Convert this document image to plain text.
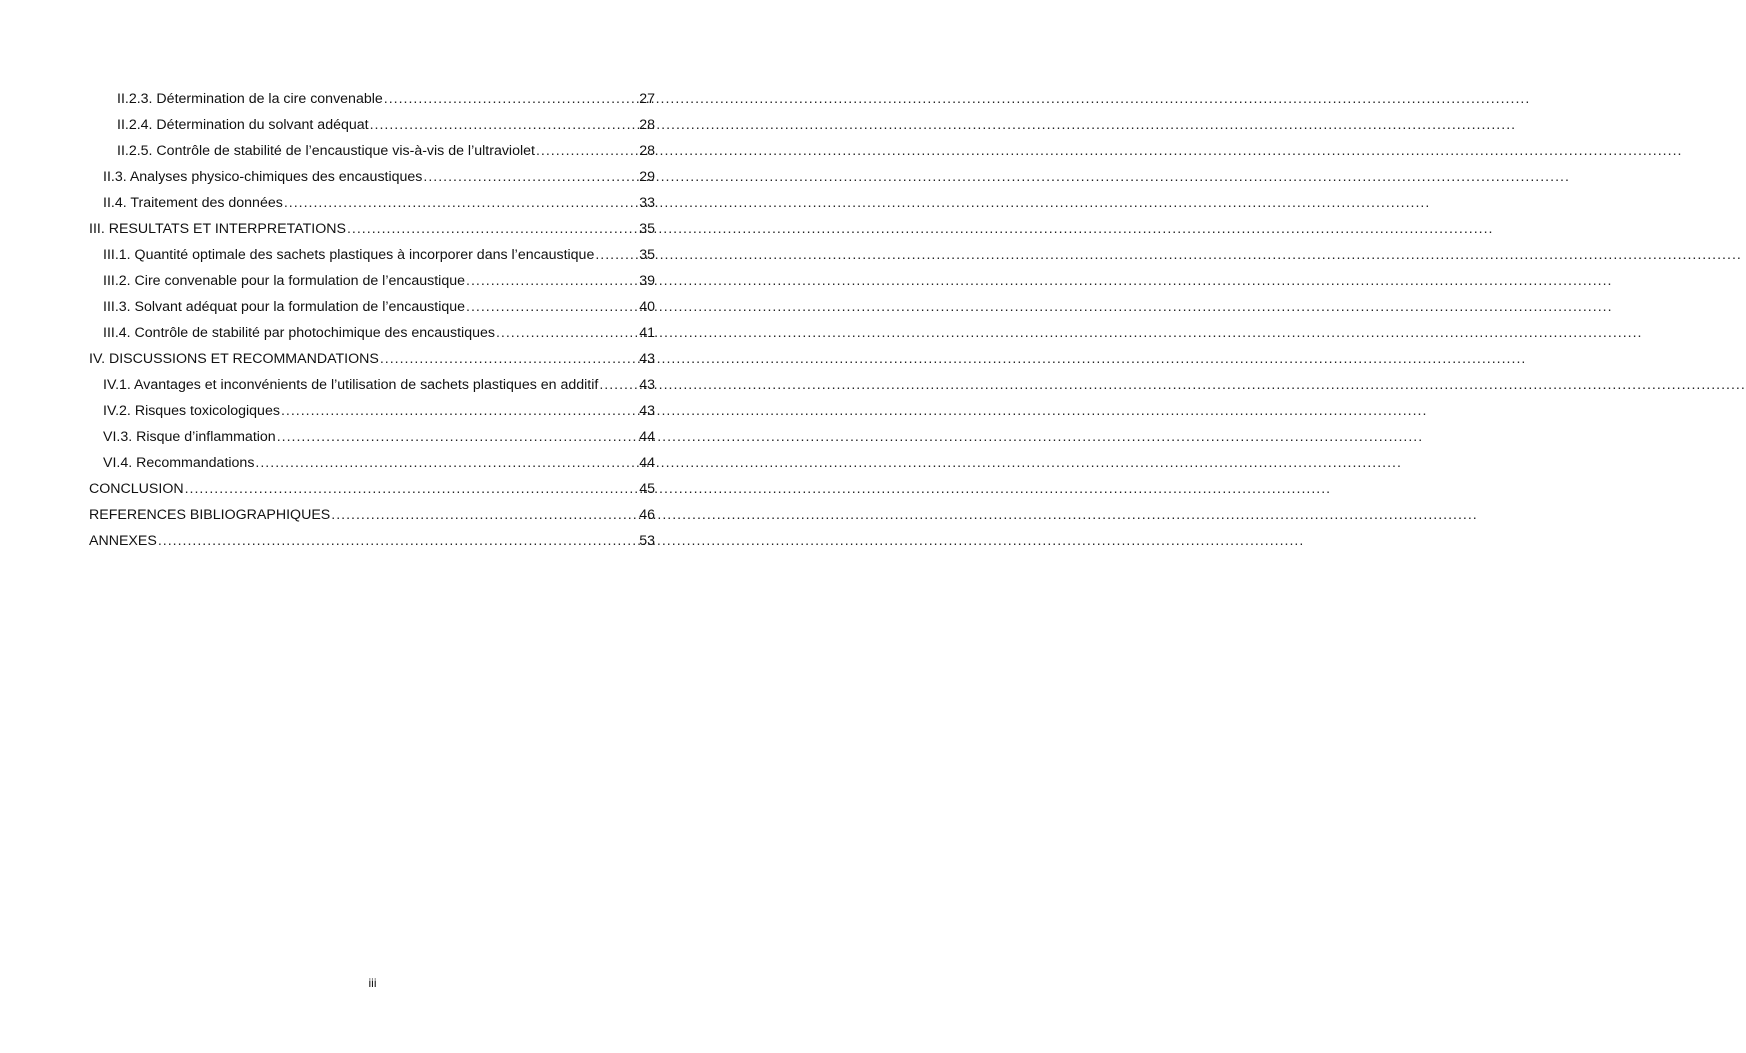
II.2.3. Détermination de la cire convenable .....	27
II.2.4. Détermination du solvant adéquat .....	28
II.2.5. Contrôle de stabilité de l’encaustique vis-à-vis de l’ultraviolet .....	28
II.3. Analyses physico-chimiques des encaustiques .....	29
II.4. Traitement des données .....	33
III. RESULTATS ET INTERPRETATIONS .....	35
III.1. Quantité optimale des sachets plastiques à incorporer dans l’encaustique .....	35
III.2. Cire convenable pour la formulation de l’encaustique .....	39
III.3. Solvant adéquat pour la formulation de l’encaustique .....	40
III.4. Contrôle de stabilité par photochimique des encaustiques .....	41
IV. DISCUSSIONS ET RECOMMANDATIONS .....	43
IV.1. Avantages et inconvénients de l’utilisation de sachets plastiques en additif .....	43
IV.2. Risques toxicologiques .....	43
VI.3. Risque d’inflammation .....	44
VI.4. Recommandations .....	44
CONCLUSION .....	45
REFERENCES BIBLIOGRAPHIQUES .....	46
ANNEXES .....	53
iii
